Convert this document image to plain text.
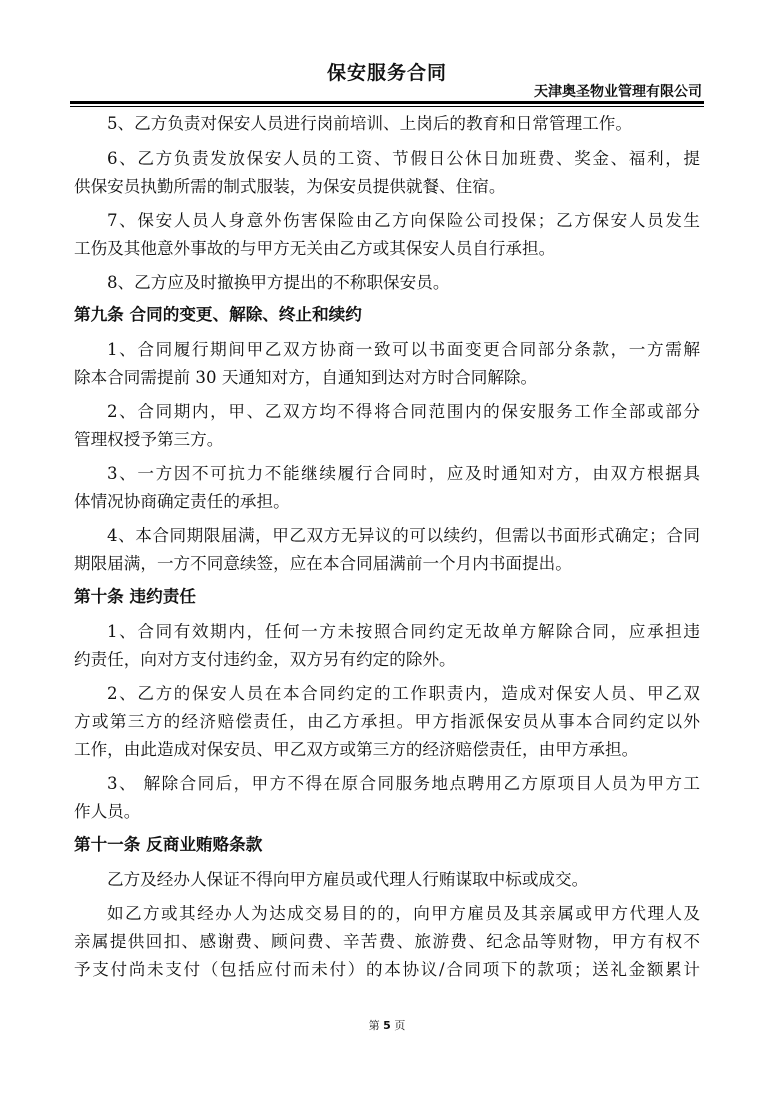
保安服务合同
天津奥圣物业管理有限公司
5、乙方负责对保安人员进行岗前培训、上岗后的教育和日常管理工作。
6、乙方负责发放保安人员的工资、节假日公休日加班费、奖金、福利，提
供保安员执勤所需的制式服装，为保安员提供就餐、住宿。
7、保安人员人身意外伤害保险由乙方向保险公司投保；乙方保安人员发生
工伤及其他意外事故的与甲方无关由乙方或其保安人员自行承担。
8、乙方应及时撤换甲方提出的不称职保安员。
第九条 合同的变更、解除、终止和续约
1、合同履行期间甲乙双方协商一致可以书面变更合同部分条款，一方需解
除本合同需提前 30 天通知对方，自通知到达对方时合同解除。
2、合同期内，甲、乙双方均不得将合同范围内的保安服务工作全部或部分
管理权授予第三方。
3、一方因不可抗力不能继续履行合同时，应及时通知对方，由双方根据具
体情况协商确定责任的承担。
4、本合同期限届满，甲乙双方无异议的可以续约，但需以书面形式确定；合同
期限届满，一方不同意续签，应在本合同届满前一个月内书面提出。
第十条 违约责任
1、合同有效期内，任何一方未按照合同约定无故单方解除合同，应承担违
约责任，向对方支付违约金，双方另有约定的除外。
2、乙方的保安人员在本合同约定的工作职责内，造成对保安人员、甲乙双
方或第三方的经济赔偿责任，由乙方承担。甲方指派保安员从事本合同约定以外
工作，由此造成对保安员、甲乙双方或第三方的经济赔偿责任，由甲方承担。
3、 解除合同后，甲方不得在原合同服务地点聘用乙方原项目人员为甲方工
作人员。
第十一条 反商业贿赂条款
乙方及经办人保证不得向甲方雇员或代理人行贿谋取中标或成交。
如乙方或其经办人为达成交易目的的，向甲方雇员及其亲属或甲方代理人及
亲属提供回扣、感谢费、顾问费、辛苦费、旅游费、纪念品等财物，甲方有权不
予支付尚未支付（包括应付而未付）的本协议/合同项下的款项；送礼金额累计
第 5 页
